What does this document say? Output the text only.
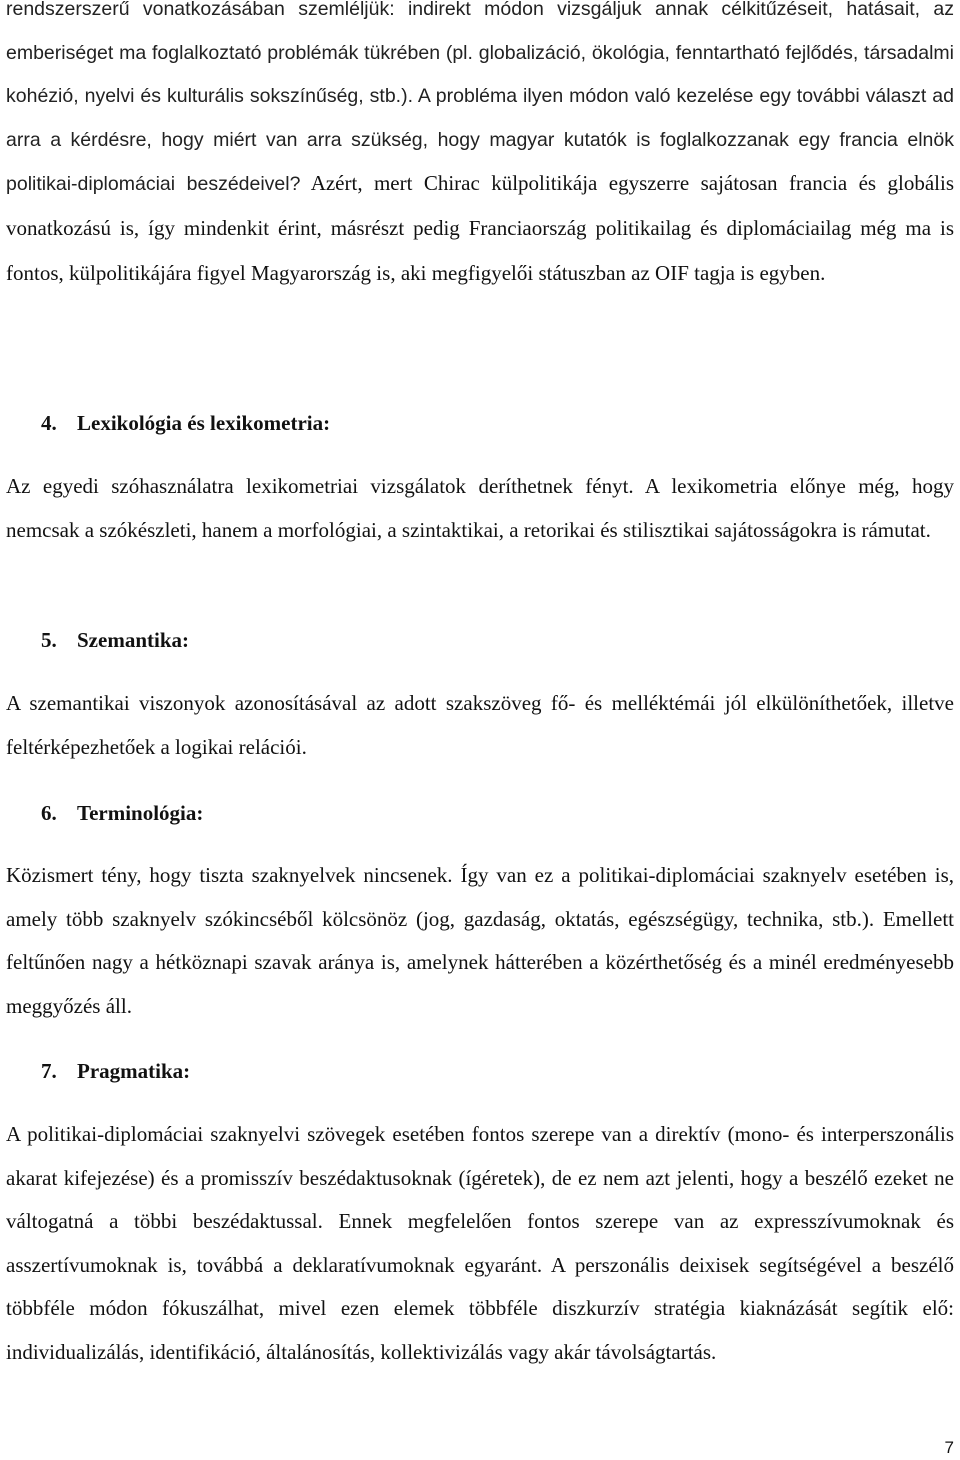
rendszerszerű vonatkozásában szemléljük: indirekt módon vizsgáljuk annak célkitűzéseit, hatásait, az emberiséget ma foglalkoztató problémák tükrében (pl. globalizáció, ökológia, fenntartható fejlődés, társadalmi kohézió, nyelvi és kulturális sokszínűség, stb.). A probléma ilyen módon való kezelése egy további választ ad arra a kérdésre, hogy miért van arra szükség, hogy magyar kutatók is foglalkozzanak egy francia elnök politikai-diplomáciai beszédeivel? Azért, mert Chirac külpolitikája egyszerre sajátosan francia és globális vonatkozású is, így mindenkit érint, másrészt pedig Franciaország politikailag és diplomáciailag még ma is fontos, külpolitikájára figyel Magyarország is, aki megfigyelői státuszban az OIF tagja is egyben.

4. Lexikológia és lexikometria:

Az egyedi szóhasználatra lexikometriai vizsgálatok deríthetnek fényt. A lexikometria előnye még, hogy nemcsak a szókészleti, hanem a morfológiai, a szintaktikai, a retorikai és stilisztikai sajátosságokra is rámutat.

5. Szemantika:

A szemantikai viszonyok azonosításával az adott szakszöveg fő- és melléktémái jól elkülöníthetőek, illetve feltérképezhetőek a logikai relációi.

6. Terminológia:

Közismert tény, hogy tiszta szaknyelvek nincsenek. Így van ez a politikai-diplomáciai szaknyelv esetében is, amely több szaknyelv szókincséből kölcsönöz (jog, gazdaság, oktatás, egészségügy, technika, stb.). Emellett feltűnően nagy a hétköznapi szavak aránya is, amelynek hátterében a közérthetőség és a minél eredményesebb meggyőzés áll.

7. Pragmatika:

A politikai-diplomáciai szaknyelvi szövegek esetében fontos szerepe van a direktív (mono- és interperszonális akarat kifejezése) és a promisszív beszédaktusoknak (ígéretek), de ez nem azt jelenti, hogy a beszélő ezeket ne váltogatná a többi beszédaktussal. Ennek megfelelően fontos szerepe van az expresszívumoknak és asszertívumoknak is, továbbá a deklaratívumoknak egyaránt. A perszonális deixisek segítségével a beszélő többféle módon fókuszálhat, mivel ezen elemek többféle diszkurzív stratégia kiaknázását segítik elő: individualizálás, identifikáció, általánosítás, kollektivizálás vagy akár távolságtartás.

7
